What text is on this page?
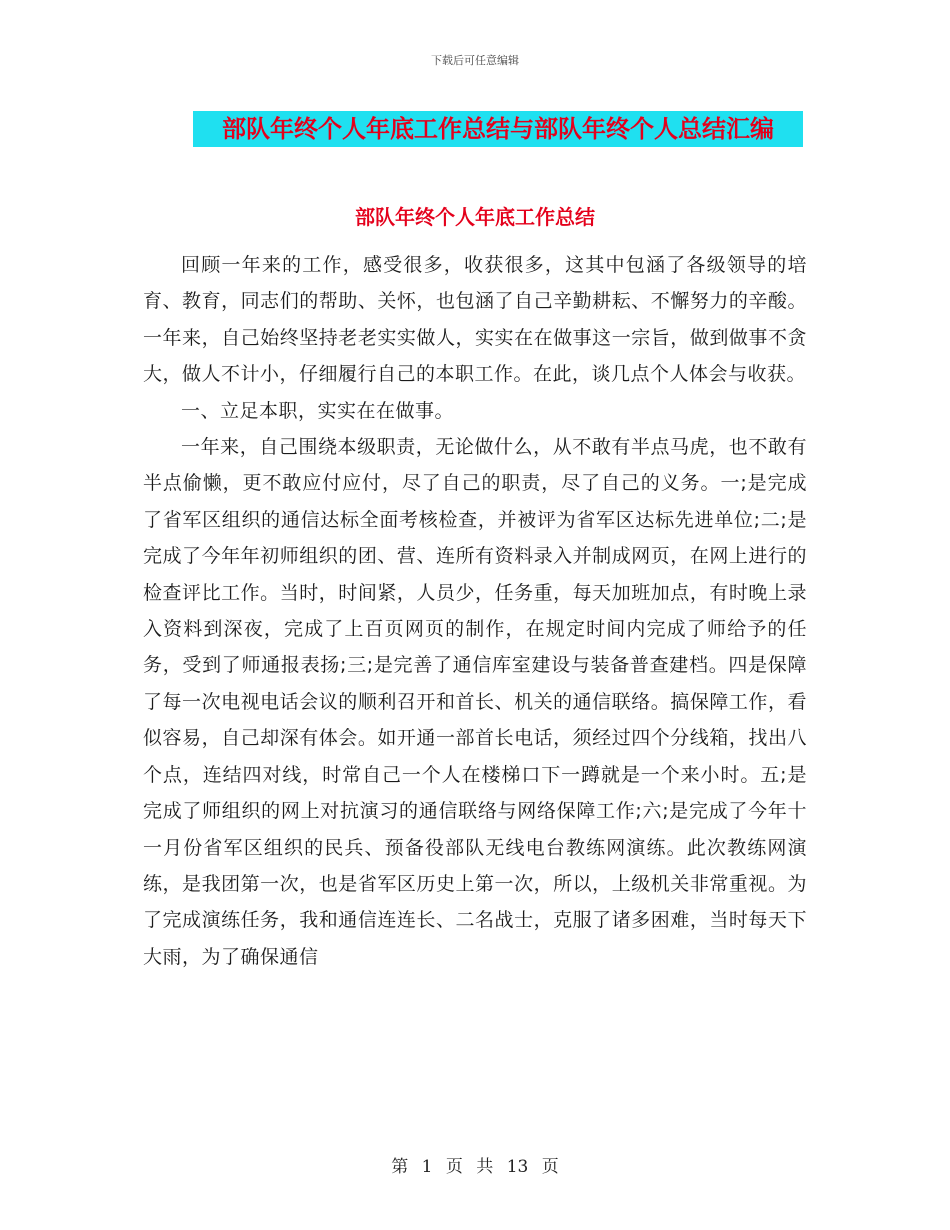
下载后可任意编辑
部队年终个人年底工作总结与部队年终个人总结汇编
部队年终个人年底工作总结

回顾一年来的工作，感受很多，收获很多，这其中包涵了各级领导的培育、教育，同志们的帮助、关怀，也包涵了自己辛勤耕耘、不懈努力的辛酸。一年来，自己始终坚持老老实实做人，实实在在做事这一宗旨，做到做事不贪大，做人不计小，仔细履行自己的本职工作。在此，谈几点个人体会与收获。

一、立足本职，实实在在做事。

一年来，自己围绕本级职责，无论做什么，从不敢有半点马虎，也不敢有半点偷懒，更不敢应付应付，尽了自己的职责，尽了自己的义务。一;是完成了省军区组织的通信达标全面考核检查，并被评为省军区达标先进单位;二;是完成了今年年初师组织的团、营、连所有资料录入并制成网页，在网上进行的检查评比工作。当时，时间紧，人员少，任务重，每天加班加点，有时晚上录入资料到深夜，完成了上百页网页的制作，在规定时间内完成了师给予的任务，受到了师通报表扬;三;是完善了通信库室建设与装备普查建档。四是保障了每一次电视电话会议的顺利召开和首长、机关的通信联络。搞保障工作，看似容易，自己却深有体会。如开通一部首长电话，须经过四个分线箱，找出八个点，连结四对线，时常自己一个人在楼梯口下一蹲就是一个来小时。五;是完成了师组织的网上对抗演习的通信联络与网络保障工作;六;是完成了今年十一月份省军区组织的民兵、预备役部队无线电台教练网演练。此次教练网演练，是我团第一次，也是省军区历史上第一次，所以，上级机关非常重视。为了完成演练任务，我和通信连连长、二名战士，克服了诸多困难，当时每天下大雨，为了确保通信

第 1 页 共 13 页
